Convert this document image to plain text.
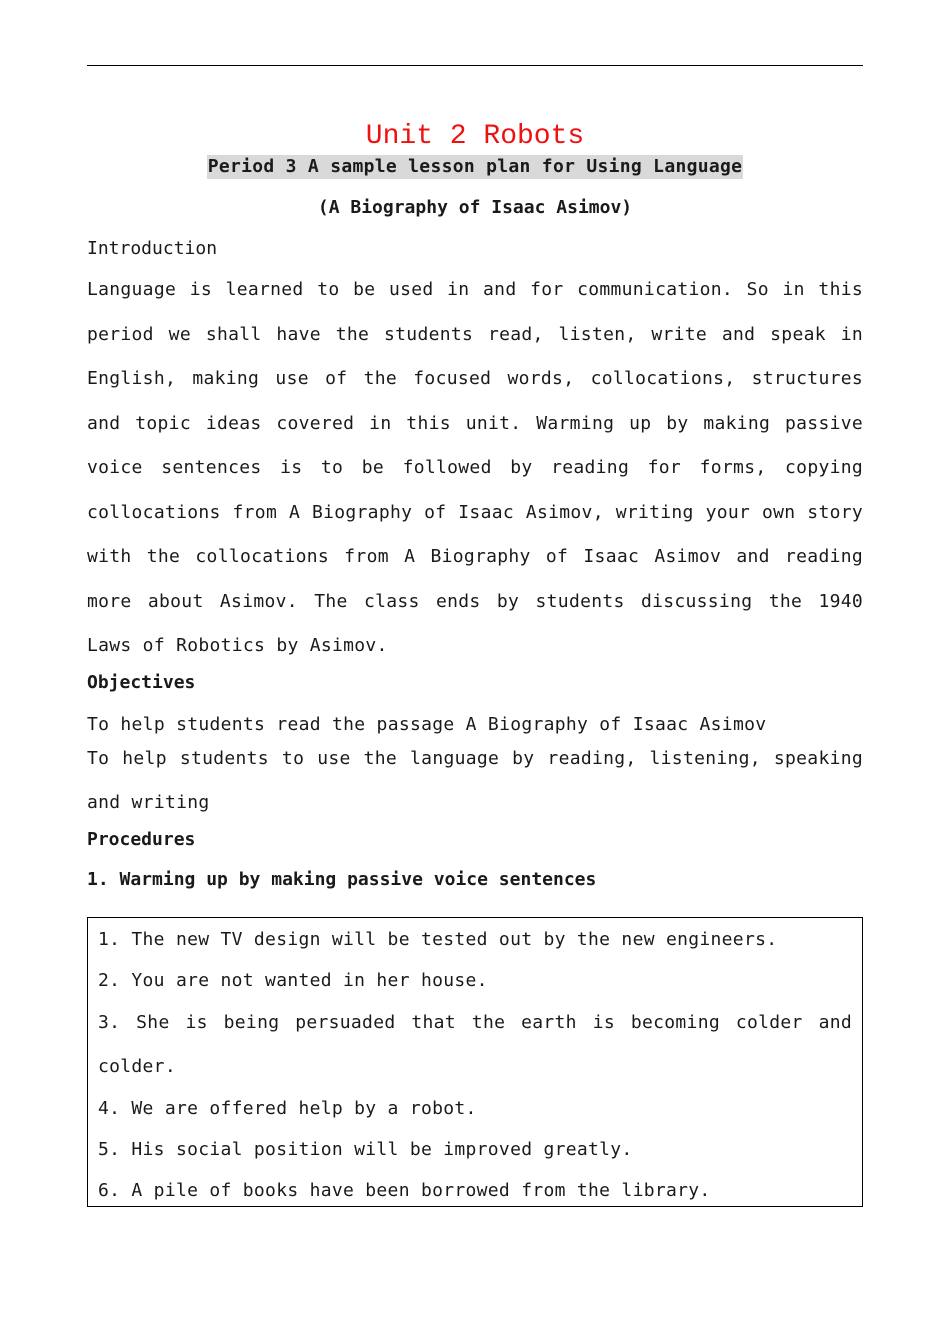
Unit 2 Robots
Period 3 A sample lesson plan for Using Language
(A Biography of Isaac Asimov)
Introduction
Language is learned to be used in and for communication. So in this period we shall have the students read, listen, write and speak in English, making use of the focused words, collocations, structures and topic ideas covered in this unit. Warming up by making passive voice sentences is to be followed by reading for forms, copying collocations from A Biography of Isaac Asimov, writing your own story with the collocations from A Biography of Isaac Asimov and reading more about Asimov. The class ends by students discussing the 1940 Laws of Robotics by Asimov.
Objectives
To help students read the passage A Biography of Isaac Asimov
To help students to use the language by reading, listening, speaking and writing
Procedures
1. Warming up by making passive voice sentences
1. The new TV design will be tested out by the new engineers.
2. You are not wanted in her house.
3. She is being persuaded that the earth is becoming colder and colder.
4. We are offered help by a robot.
5. His social position will be improved greatly.
6. A pile of books have been borrowed from the library.
